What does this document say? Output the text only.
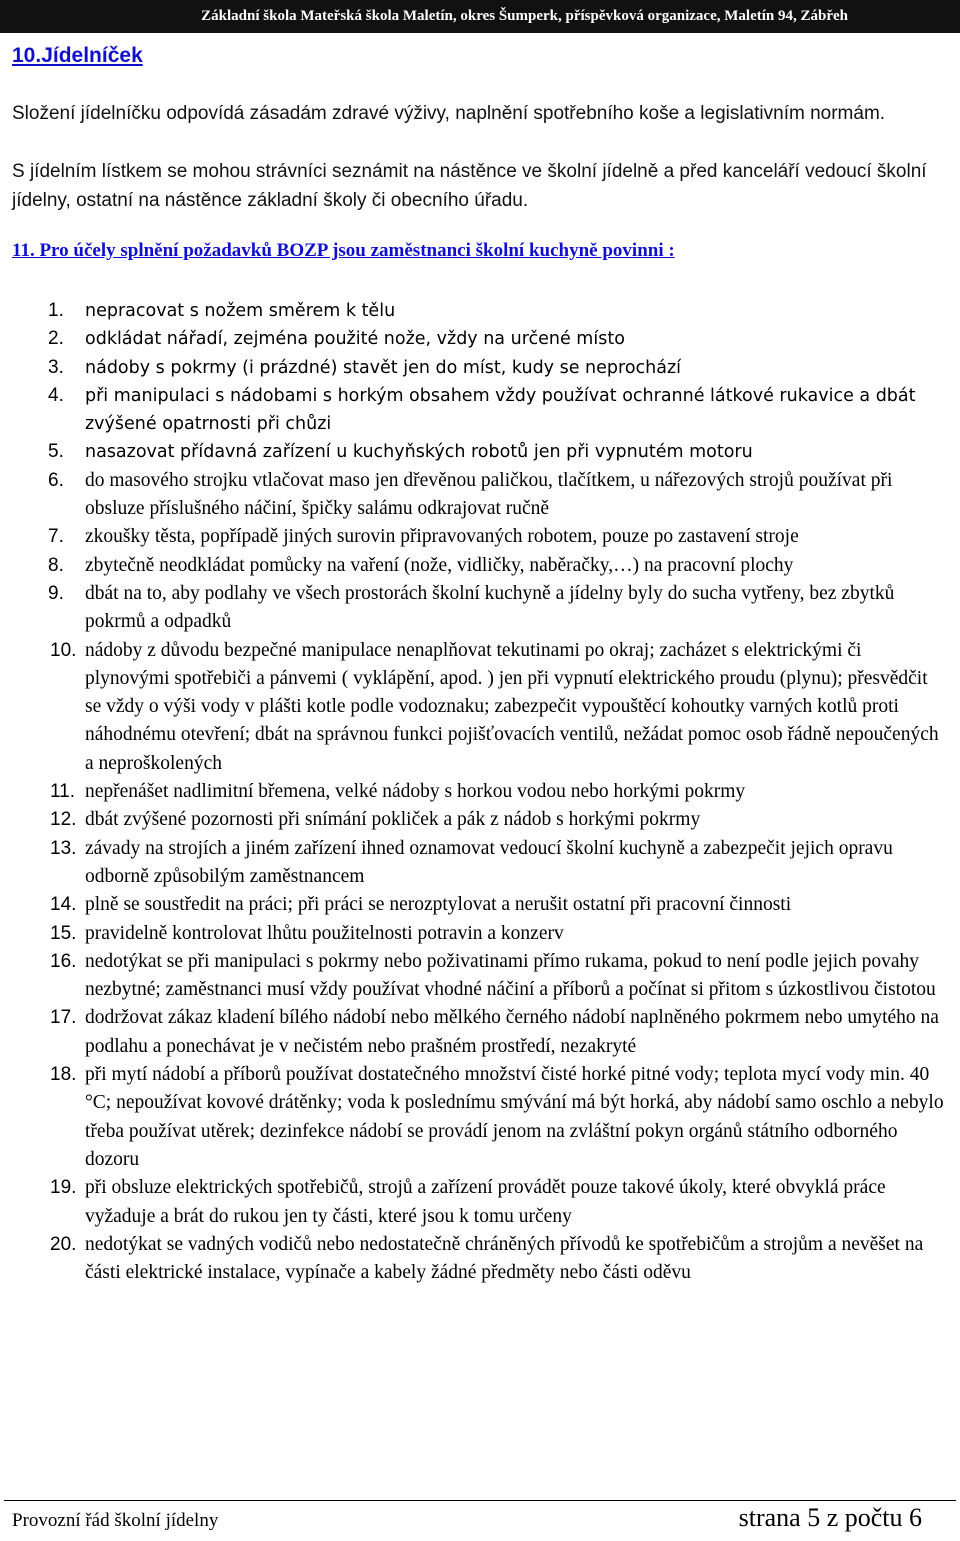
Základní škola Mateřská škola Maletín, okres Šumperk, příspěvková organizace, Maletín 94, Zábřeh
10.Jídelníček
Složení jídelníčku odpovídá zásadám zdravé výživy, naplnění spotřebního koše a legislativním normám.
S jídelním lístkem se mohou strávníci seznámit na nástěnce ve školní jídelně a před kanceláří vedoucí školní jídelny, ostatní na nástěnce základní školy či obecního úřadu.
11. Pro účely splnění požadavků BOZP jsou zaměstnanci školní kuchyně povinni :
1.	nepracovat s nožem směrem k tělu
2.	odkládat nářadí, zejména použité nože, vždy na určené místo
3.	nádoby s pokrmy (i prázdné) stavět jen do míst, kudy se neprochází
4.	při manipulaci s nádobami s horkým obsahem vždy používat ochranné látkové rukavice a dbát zvýšené opatrnosti při chůzi
5.	nasazovat přídavná zařízení u kuchyňských robotů jen při vypnutém motoru
6.	do masového strojku vtlačovat maso jen dřevěnou paličkou, tlačítkem, u nářezových strojů používat při obsluze příslušného náčiní, špičky salámu odkrajovat ručně
7.	zkoušky těsta, popřípadě jiných surovin připravovaných robotem, pouze po zastavení stroje
8.	zbytečně neodkládat pomůcky na vaření (nože, vidličky, naběračky,…) na pracovní plochy
9.	dbát na to, aby podlahy ve všech prostorách školní kuchyně a jídelny byly do sucha vytřeny, bez zbytků pokrmů a odpadků
10. nádoby z důvodu bezpečné manipulace nenaplňovat tekutinami po okraj; zacházet s elektrickými či plynovými spotřebiči a pánvemi ( vyklápění, apod. ) jen při vypnutí elektrického proudu (plynu); přesvědčit se vždy o výši vody v plášti kotle podle vodoznaku; zabezpečit vypouštěcí kohoutky varných kotlů proti náhodnému otevření; dbát na správnou funkci pojišťovacích ventilů, nežádat pomoc osob řádně nepoučených a neproškolených
11. nepřenášet nadlimitní břemena, velké nádoby s horkou vodou nebo horkými pokrmy
12. dbát zvýšené pozornosti při snímání pokliček a pák z nádob s horkými pokrmy
13. závady na strojích a jiném zařízení ihned oznamovat vedoucí školní kuchyně a zabezpečit jejich opravu odborně způsobilým zaměstnancem
14. plně se soustředit na práci; při práci se nerozptylovat a nerušit ostatní při pracovní činnosti
15. pravidelně kontrolovat lhůtu použitelnosti potravin a konzerv
16. nedotýkat se při manipulaci s pokrmy nebo poživatinami přímo rukama, pokud to není podle jejich povahy nezbytné; zaměstnanci musí vždy používat vhodné náčiní a příborů a počínat si přitom s úzkostlivou čistotou
17. dodržovat zákaz kladení bílého nádobí nebo mělkého černého nádobí naplněného pokrmem nebo umytého na podlahu a ponechávat je v nečistém nebo prašném prostředí, nezakryté
18. při mytí nádobí a příborů používat dostatečného množství čisté horké pitné vody; teplota mycí vody min. 40 °C; nepoužívat kovové drátěnky; voda k poslednímu smývání má být horká, aby nádobí samo oschlo a nebylo třeba používat utěrek; dezinfekce nádobí se provádí jenom na zvláštní pokyn orgánů státního odborného dozoru
19. při obsluze elektrických spotřebičů, strojů a zařízení provádět pouze takové úkoly, které obvyklá práce vyžaduje a brát do rukou jen ty části, které jsou k tomu určeny
20. nedotýkat se vadných vodičů nebo nedostatečně chráněných přívodů ke spotřebičům a strojům a nevěšet na části elektrické instalace, vypínače a kabely žádné předměty nebo části oděvu
Provozní řád školní jídelny	strana 5 z počtu 6
